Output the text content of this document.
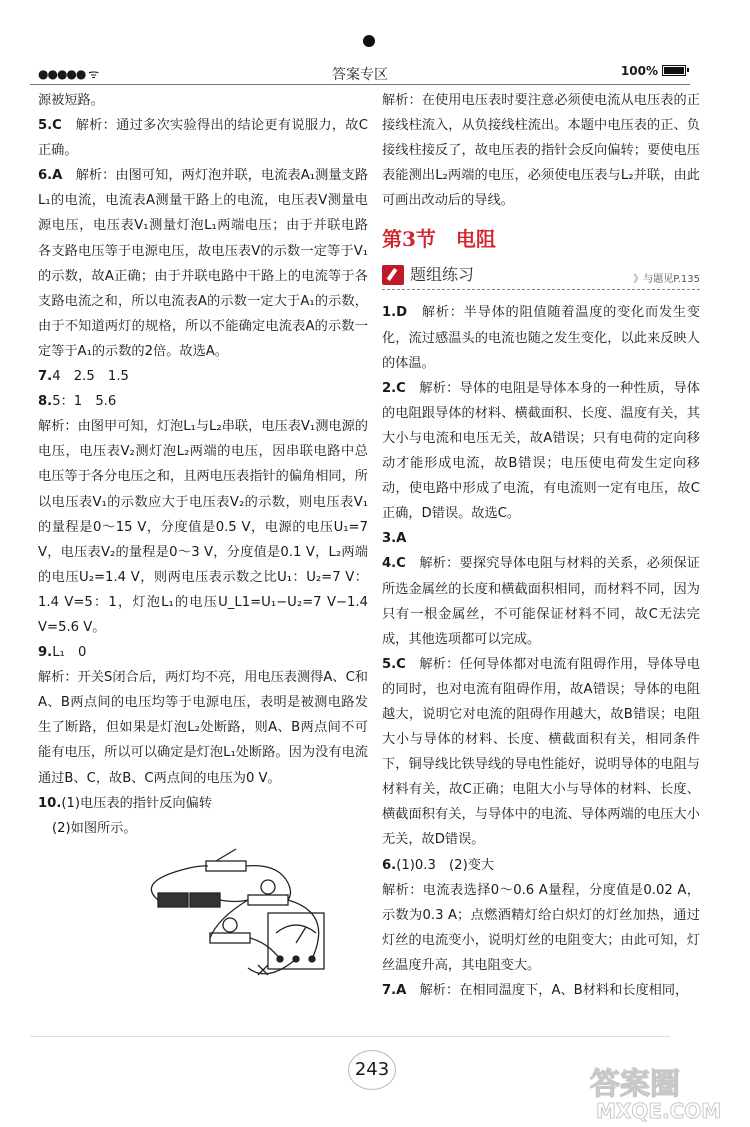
●●●●● ᯤ	答案专区	100%

源被短路。

5.C　解析：通过多次实验得出的结论更有说服力，故C正确。

6.A　解析：由图可知，两灯泡并联，电流表A₁测量支路L₁的电流，电流表A测量干路上的电流，电压表V测量电源电压，电压表V₁测量灯泡L₁两端电压；由于并联电路各支路电压等于电源电压，故电压表V的示数一定等于V₁的示数，故A正确；由于并联电路中干路上的电流等于各支路电流之和，所以电流表A的示数一定大于A₁的示数，由于不知道两灯的规格，所以不能确定电流表A的示数一定等于A₁的示数的2倍。故选A。

7.4　2.5　1.5

8.5：1　5.6

解析：由图甲可知，灯泡L₁与L₂串联，电压表V₁测电源的电压，电压表V₂测灯泡L₂两端的电压，因串联电路中总电压等于各分电压之和，且两电压表指针的偏角相同，所以电压表V₁的示数应大于电压表V₂的示数，则电压表V₁的量程是0～15 V，分度值是0.5 V，电源的电压U₁=7 V，电压表V₂的量程是0～3 V，分度值是0.1 V，L₂两端的电压U₂=1.4 V，则两电压表示数之比U₁：U₂=7 V：1.4 V=5：1，灯泡L₁的电压U_L1=U₁−U₂=7 V−1.4 V=5.6 V。

9.L₁　0

解析：开关S闭合后，两灯均不亮，用电压表测得A、C和A、B两点间的电压均等于电源电压，表明是被测电路发生了断路，但如果是灯泡L₂处断路，则A、B两点间不可能有电压，所以可以确定是灯泡L₁处断路。因为没有电流通过B、C，故B、C两点间的电压为0 V。

10.(1)电压表的指针反向偏转

(2)如图所示。

解析：在使用电压表时要注意必须使电流从电压表的正接线柱流入，从负接线柱流出。本题中电压表的正、负接线柱接反了，故电压表的指针会反向偏转；要使电压表能测出L₂两端的电压，必须使电压表与L₂并联，由此可画出改动后的导线。

第3节　 电阻
题组练习	》与题见P.135

1.D　解析：半导体的阻值随着温度的变化而发生变化，流过感温头的电流也随之发生变化，以此来反映人的体温。

2.C　解析：导体的电阻是导体本身的一种性质，导体的电阻跟导体的材料、横截面积、长度、温度有关，其大小与电流和电压无关，故A错误；只有电荷的定向移动才能形成电流，故B错误；电压使电荷发生定向移动，使电路中形成了电流，有电流则一定有电压，故C正确，D错误。故选C。

3.A

4.C　解析：要探究导体电阻与材料的关系，必须保证所选金属丝的长度和横截面积相同，而材料不同，因为只有一根金属丝，不可能保证材料不同，故C无法完成，其他选项都可以完成。

5.C　解析：任何导体都对电流有阻碍作用，导体导电的同时，也对电流有阻碍作用，故A错误；导体的电阻越大，说明它对电流的阻碍作用越大，故B错误；电阻大小与导体的材料、长度、横截面积有关，相同条件下，铜导线比铁导线的导电性能好，说明导体的电阻与材料有关，故C正确；电阻大小与导体的材料、长度、横截面积有关，与导体中的电流、导体两端的电压大小无关，故D错误。

6.(1)0.3　(2)变大

解析：电流表选择0～0.6 A量程，分度值是0.02 A，示数为0.3 A；点燃酒精灯给白炽灯的灯丝加热，通过灯丝的电流变小，说明灯丝的电阻变大；由此可知，灯丝温度升高，其电阻变大。

7.A　解析：在相同温度下，A、B材料和长度相同，

243	答案圈
MXQE.COM
